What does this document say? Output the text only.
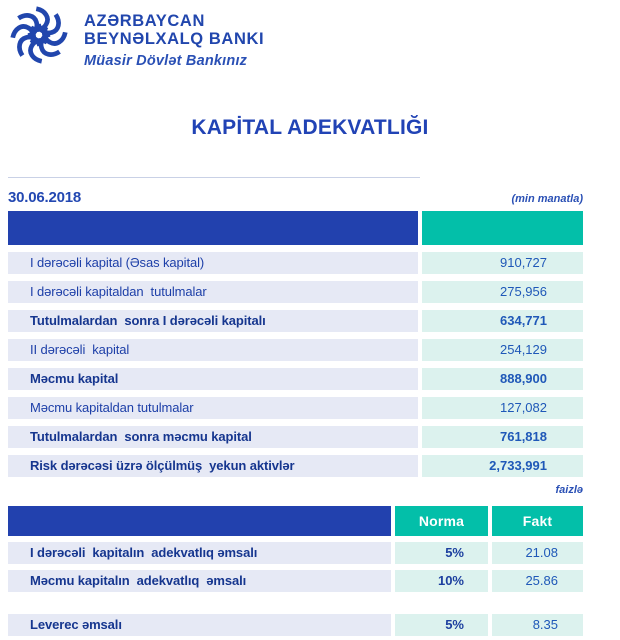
AZƏRBAYCAN
BEYNƏLXALQ BANKI
Müasir Dövlət Bankınız
KAPİTAL ADEKVATLIĞI
30.06.2018	(min manatla)
I dərəcəli kapital (Əsas kapital)	910,727
I dərəcəli kapitaldan  tutulmalar	275,956
Tutulmalardan  sonra I dərəcəli kapitalı	634,771
II dərəcəli  kapital	254,129
Məcmu kapital	888,900
Məcmu kapitaldan tutulmalar	127,082
Tutulmalardan  sonra məcmu kapital	761,818
Risk dərəcəsi üzrə ölçülmüş  yekun aktivlər	2,733,991
faizlə
Norma	Fakt
I dərəcəli  kapitalın  adekvatlıq əmsalı	5%	21.08
Məcmu kapitalın  adekvatlıq  əmsalı	10%	25.86
Leverec əmsalı	5%	8.35
